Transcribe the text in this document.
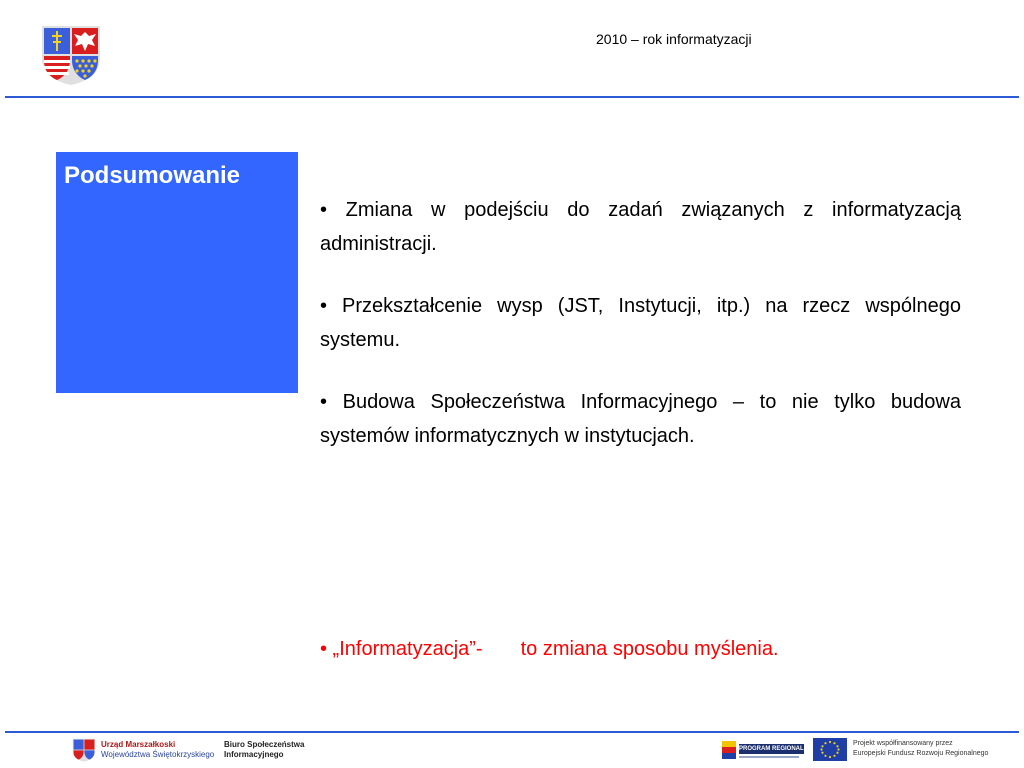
2010 – rok informatyzacji
Podsumowanie

• Zmiana w podejściu do zadań związanych z informatyzacją administracji.

• Przekształcenie wysp (JST, Instytucji, itp.) na rzecz wspólnego systemu.

• Budowa Społeczeństwa Informacyjnego – to nie tylko budowa systemów informatycznych w instytucjach.

• „Informatyzacja”- to zmiana sposobu myślenia.
Urząd Marszałkoski
Województwa Świętokrzyskiego
Biuro Społeczeństwa
Informacyjnego
PROGRAM REGIONALNY
Projekt współfinansowany przez
Europejski Fundusz Rozwoju Regionalnego
